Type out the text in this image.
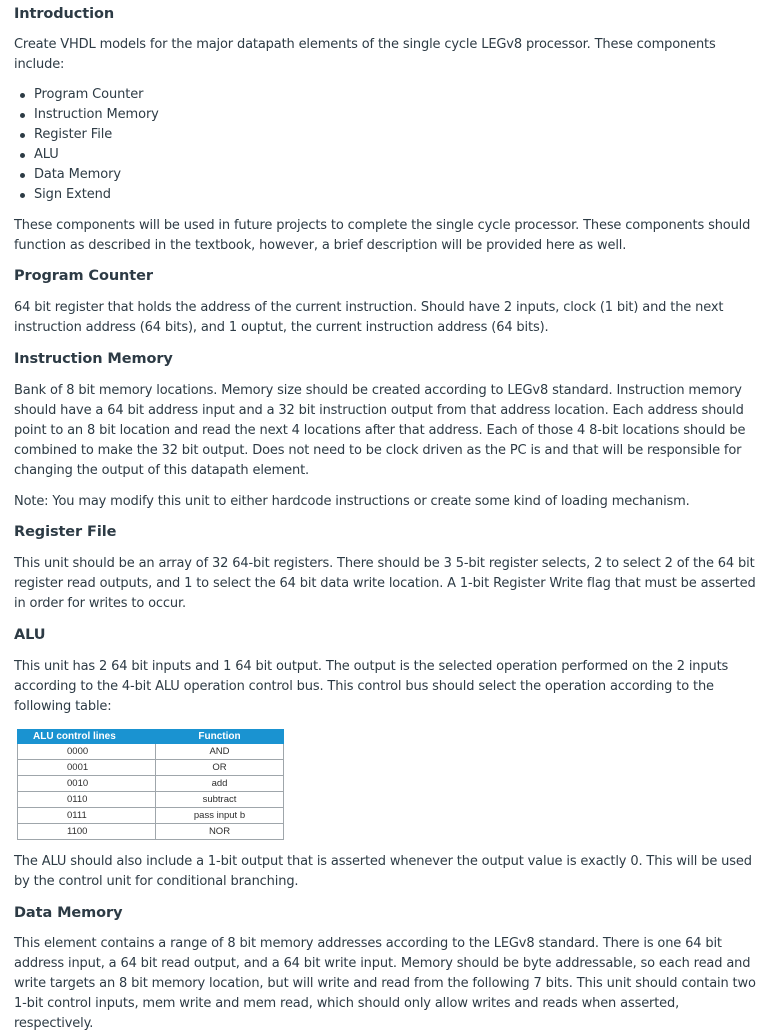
Introduction

Create VHDL models for the major datapath elements of the single cycle LEGv8 processor. These components include:

Program Counter
Instruction Memory
Register File
ALU
Data Memory
Sign Extend

These components will be used in future projects to complete the single cycle processor. These components should function as described in the textbook, however, a brief description will be provided here as well.

Program Counter

64 bit register that holds the address of the current instruction. Should have 2 inputs, clock (1 bit) and the next instruction address (64 bits), and 1 ouptut, the current instruction address (64 bits).

Instruction Memory

Bank of 8 bit memory locations. Memory size should be created according to LEGv8 standard. Instruction memory should have a 64 bit address input and a 32 bit instruction output from that address location. Each address should point to an 8 bit location and read the next 4 locations after that address. Each of those 4 8-bit locations should be combined to make the 32 bit output. Does not need to be clock driven as the PC is and that will be responsible for changing the output of this datapath element.

Note: You may modify this unit to either hardcode instructions or create some kind of loading mechanism.

Register File

This unit should be an array of 32 64-bit registers. There should be 3 5-bit register selects, 2 to select 2 of the 64 bit register read outputs, and 1 to select the 64 bit data write location. A 1-bit Register Write flag that must be asserted in order for writes to occur.

ALU

This unit has 2 64 bit inputs and 1 64 bit output. The output is the selected operation performed on the 2 inputs according to the 4-bit ALU operation control bus. This control bus should select the operation according to the following table:

ALU control lines	Function
0000	AND
0001	OR
0010	add
0110	subtract
0111	pass input b
1100	NOR

The ALU should also include a 1-bit output that is asserted whenever the output value is exactly 0. This will be used by the control unit for conditional branching.

Data Memory

This element contains a range of 8 bit memory addresses according to the LEGv8 standard. There is one 64 bit address input, a 64 bit read output, and a 64 bit write input. Memory should be byte addressable, so each read and write targets an 8 bit memory location, but will write and read from the following 7 bits. This unit should contain two 1-bit control inputs, mem write and mem read, which should only allow writes and reads when asserted, respectively.
